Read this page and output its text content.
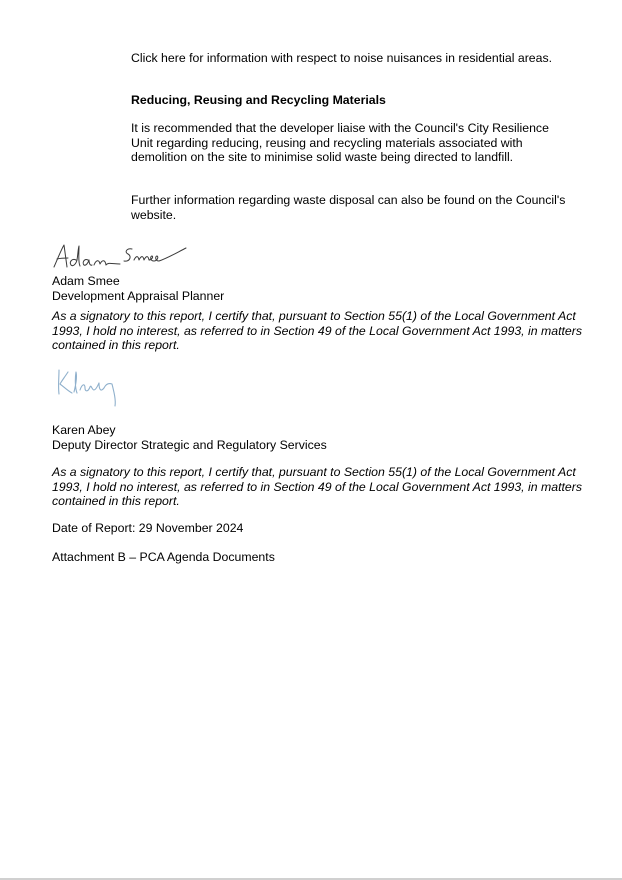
Click here for information with respect to noise nuisances in residential areas.

Reducing, Reusing and Recycling Materials

It is recommended that the developer liaise with the Council's City Resilience Unit regarding reducing, reusing and recycling materials associated with demolition on the site to minimise solid waste being directed to landfill.

Further information regarding waste disposal can also be found on the Council's website.

Adam Smee

Development Appraisal Planner

As a signatory to this report, I certify that, pursuant to Section 55(1) of the Local Government Act 1993, I hold no interest, as referred to in Section 49 of the Local Government Act 1993, in matters contained in this report.

Karen Abey

Deputy Director Strategic and Regulatory Services

As a signatory to this report, I certify that, pursuant to Section 55(1) of the Local Government Act 1993, I hold no interest, as referred to in Section 49 of the Local Government Act 1993, in matters contained in this report.

Date of Report: 29 November 2024

Attachment B – PCA Agenda Documents
